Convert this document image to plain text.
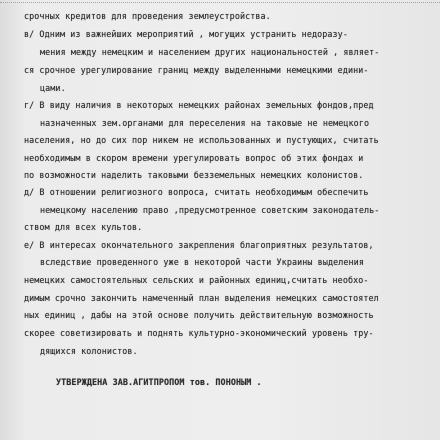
срочных кредитов для проведения землеустройства.
в/ Одним из важнейших мероприятий , могущих устранить недоразу-
мения между немецким и населением других национальностей , являет-
ся срочное урегулирование границ между выделенными немецкими едини-
цами.
г/ В виду наличия в некоторых немецких районах земельных фондов,пред
назначенных зем.органами для переселения на таковые не немецкого
населения, но до сих пор никем не использованных и пустующих, считать
необходимым в скором времени урегулировать вопрос об этих фондах и
по возможности наделить таковыми безземельных немецких колонистов.
д/ В отношении религиозного вопроса, считать необходимым обеспечить
немецкому населению право ,предусмотренное советским законодатель-
ством для всех культов.
е/ В интересах окончательного закрепления благоприятных результатов,
вследствие проведенного уже в некоторой части Украины выделения
немецких самостоятельных сельских и районных единиц,считать необхо-
димым срочно закончить намеченный план выделения немецких самостоятел
ных единиц , дабы на этой основе получить действительную возможность
скорее советизировать и поднять культурно-экономический уровень тру-
дящихся колонистов.
УТВЕРЖДЕНА ЗАВ.АГИТПРОПОМ тов. ПОНОНЫМ .
